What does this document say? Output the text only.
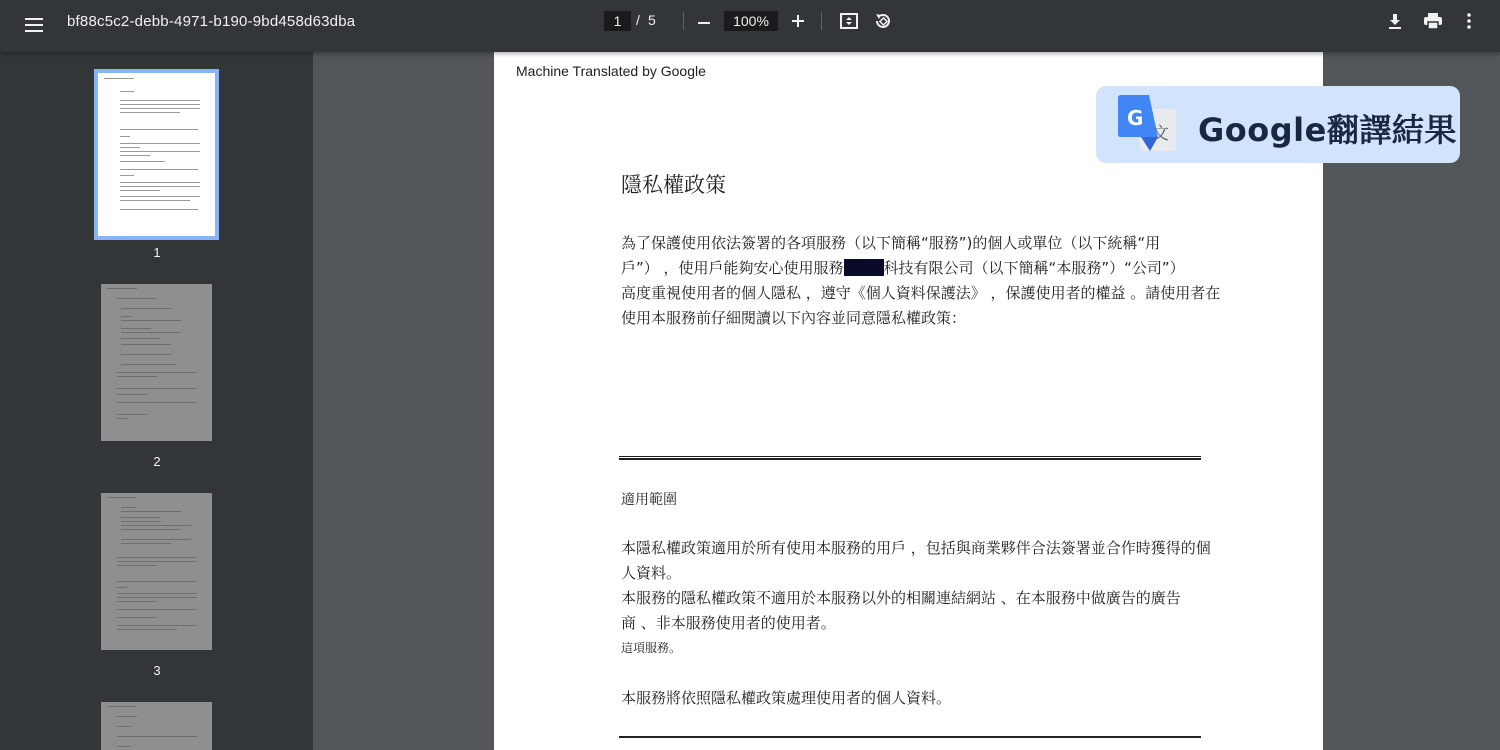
bf88c5c2-debb-4971-b190-9bd458d63dba	1	/ 5	100%
1
2
3
Machine Translated by Google
隱私權政策
為了保護使用依法簽署的各項服務（以下簡稱“服務”)的個人或單位（以下統稱“用
戶”） ，使用戶能夠安心使用服務	科技有限公司（以下簡稱“本服務”）“公司”）
高度重視使用者的個人隱私 ，遵守《個人資料保護法》 ，保護使用者的權益 。請使用者在
使用本服務前仔細閱讀以下內容並同意隱私權政策：
適用範圍
本隱私權政策適用於所有使用本服務的用戶 ，包括與商業夥伴合法簽署並合作時獲得的個
人資料。
本服務的隱私權政策不適用於本服務以外的相關連結網站 、在本服務中做廣告的廣告
商 、非本服務使用者的使用者。
這項服務。
本服務將依照隱私權政策處理使用者的個人資料。
G
文 Google翻譯結果
